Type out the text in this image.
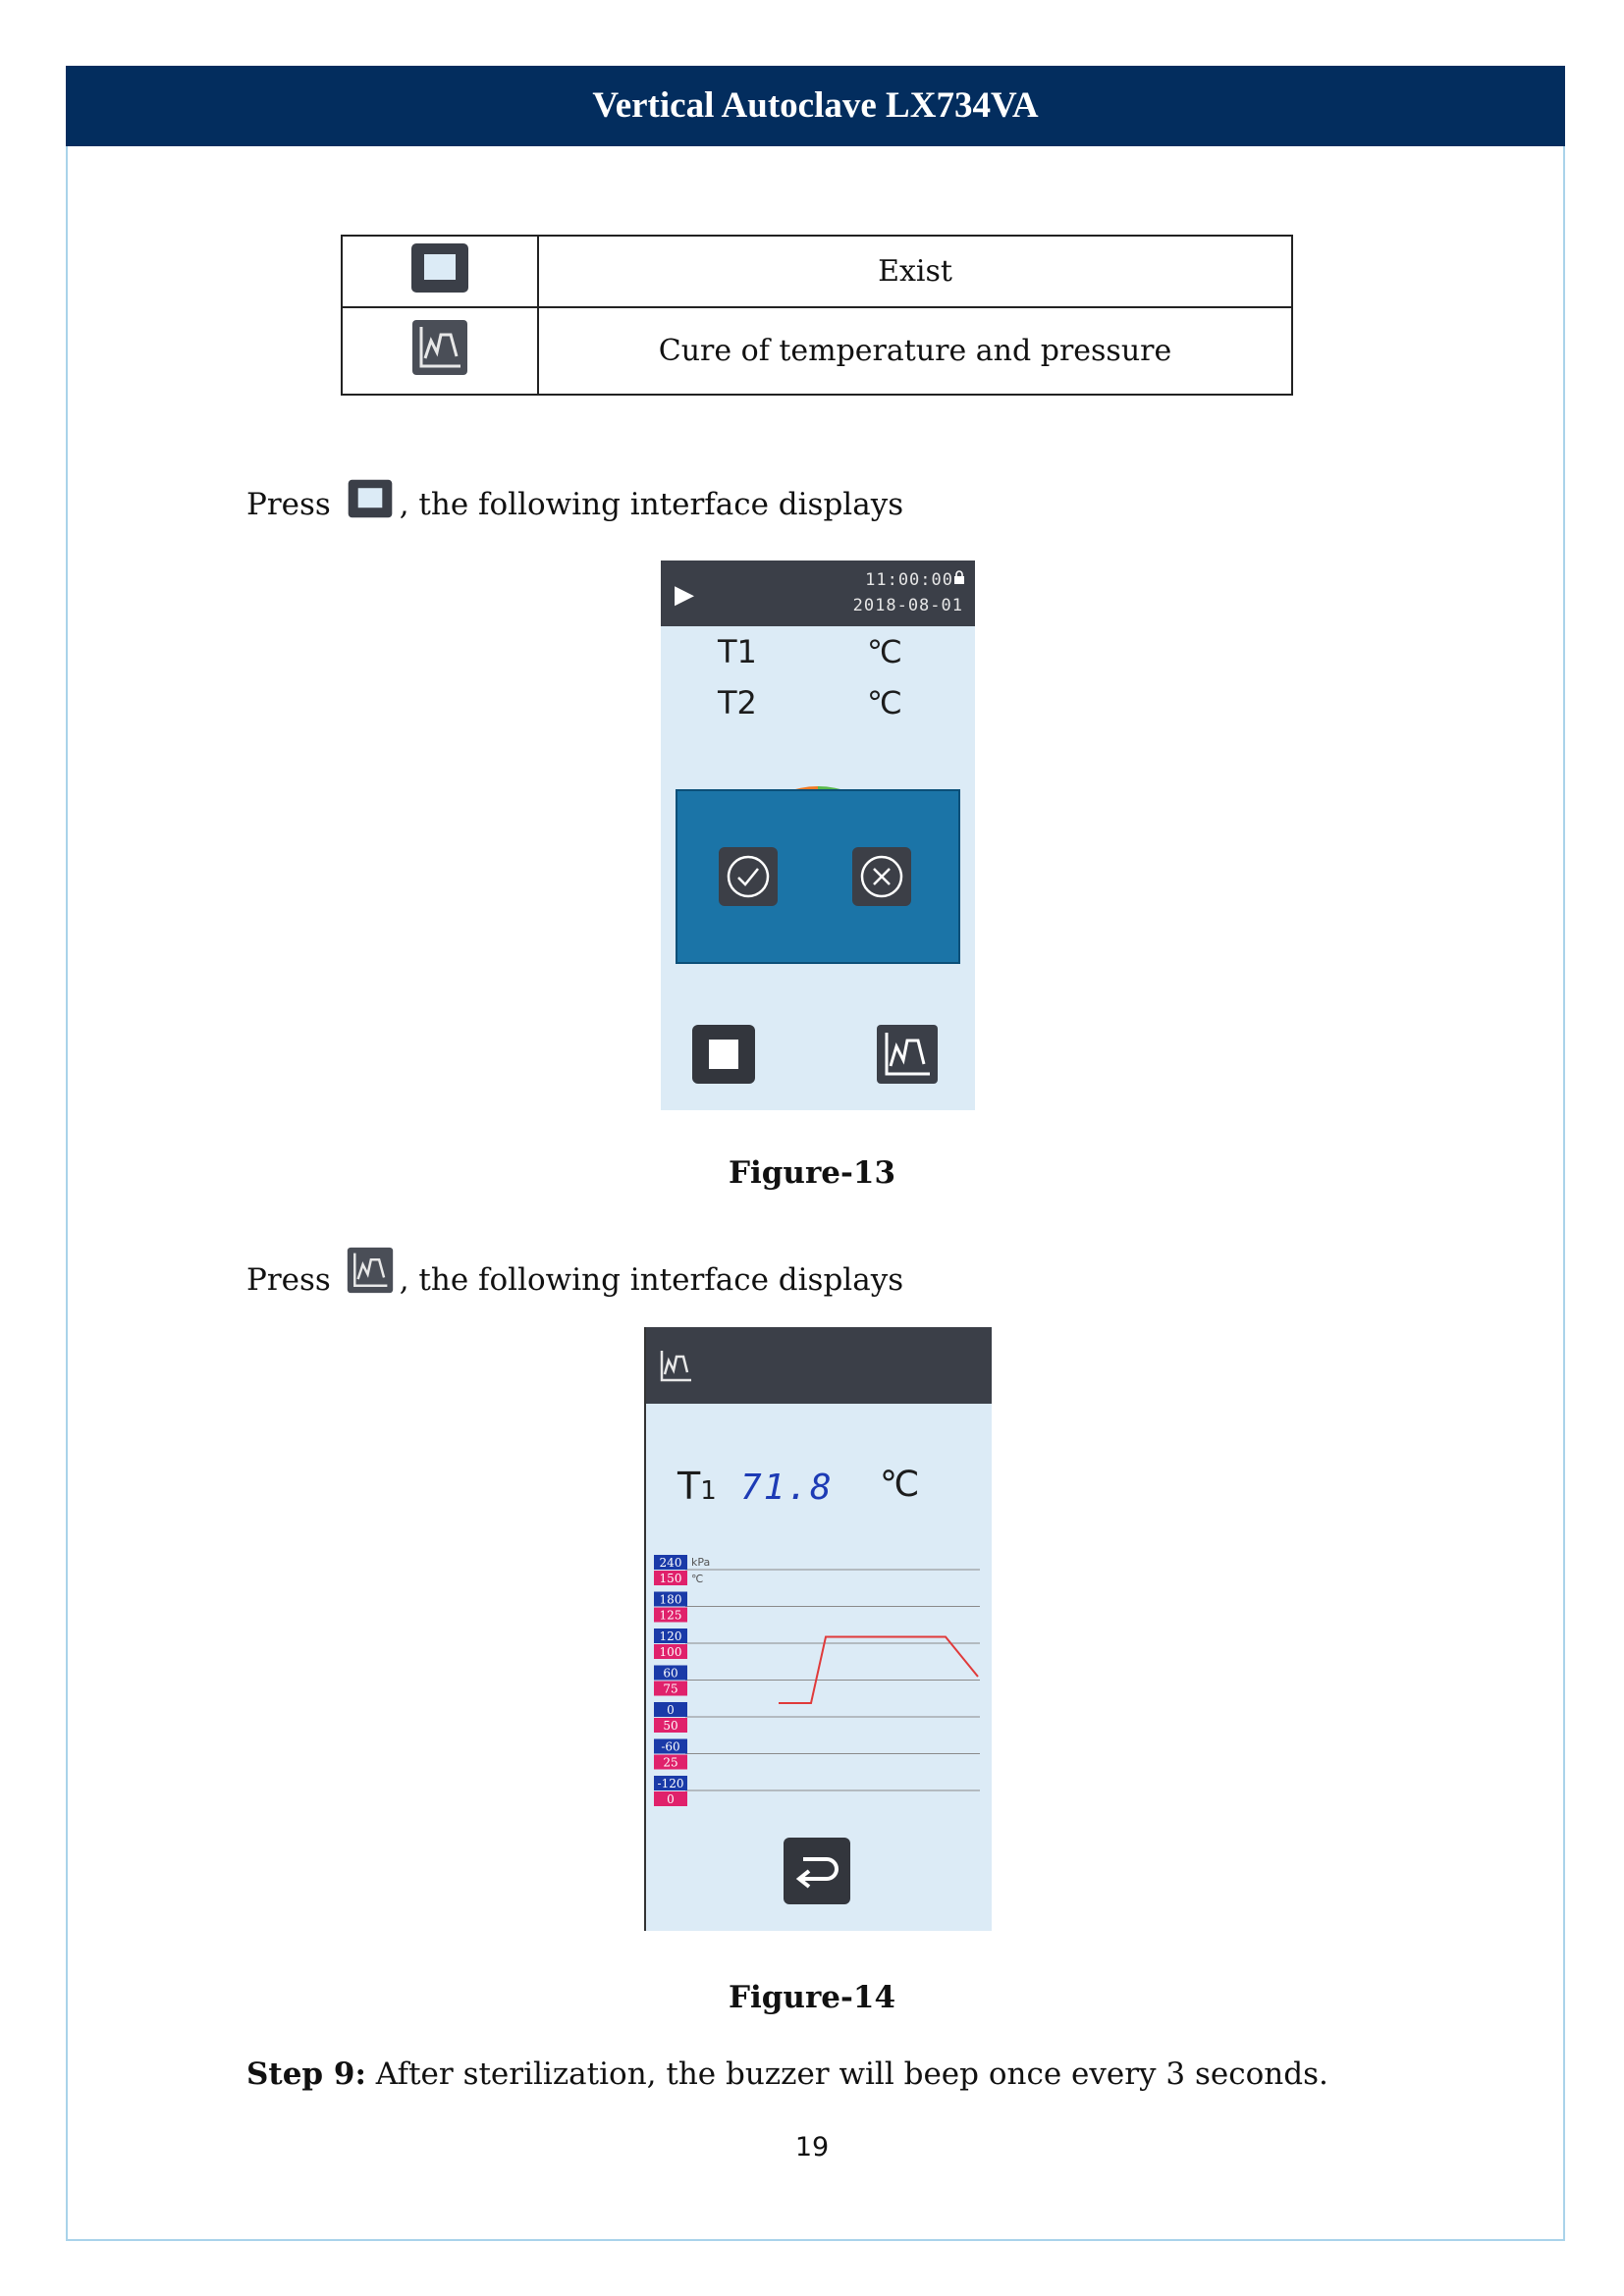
Vertical Autoclave LX734VA
	Exist
	Cure of temperature and pressure
Press , the following interface displays
▶	11:00:00
2018-08-01
T1	℃
T2	℃
Figure-13
Press , the following interface displays
T1 71.8 ℃
240
150
180
125
120
100
60
75
0
50
-60
25
-120
0
kPa
℃
Figure-14
Step 9: After sterilization, the buzzer will beep once every 3 seconds.
19
